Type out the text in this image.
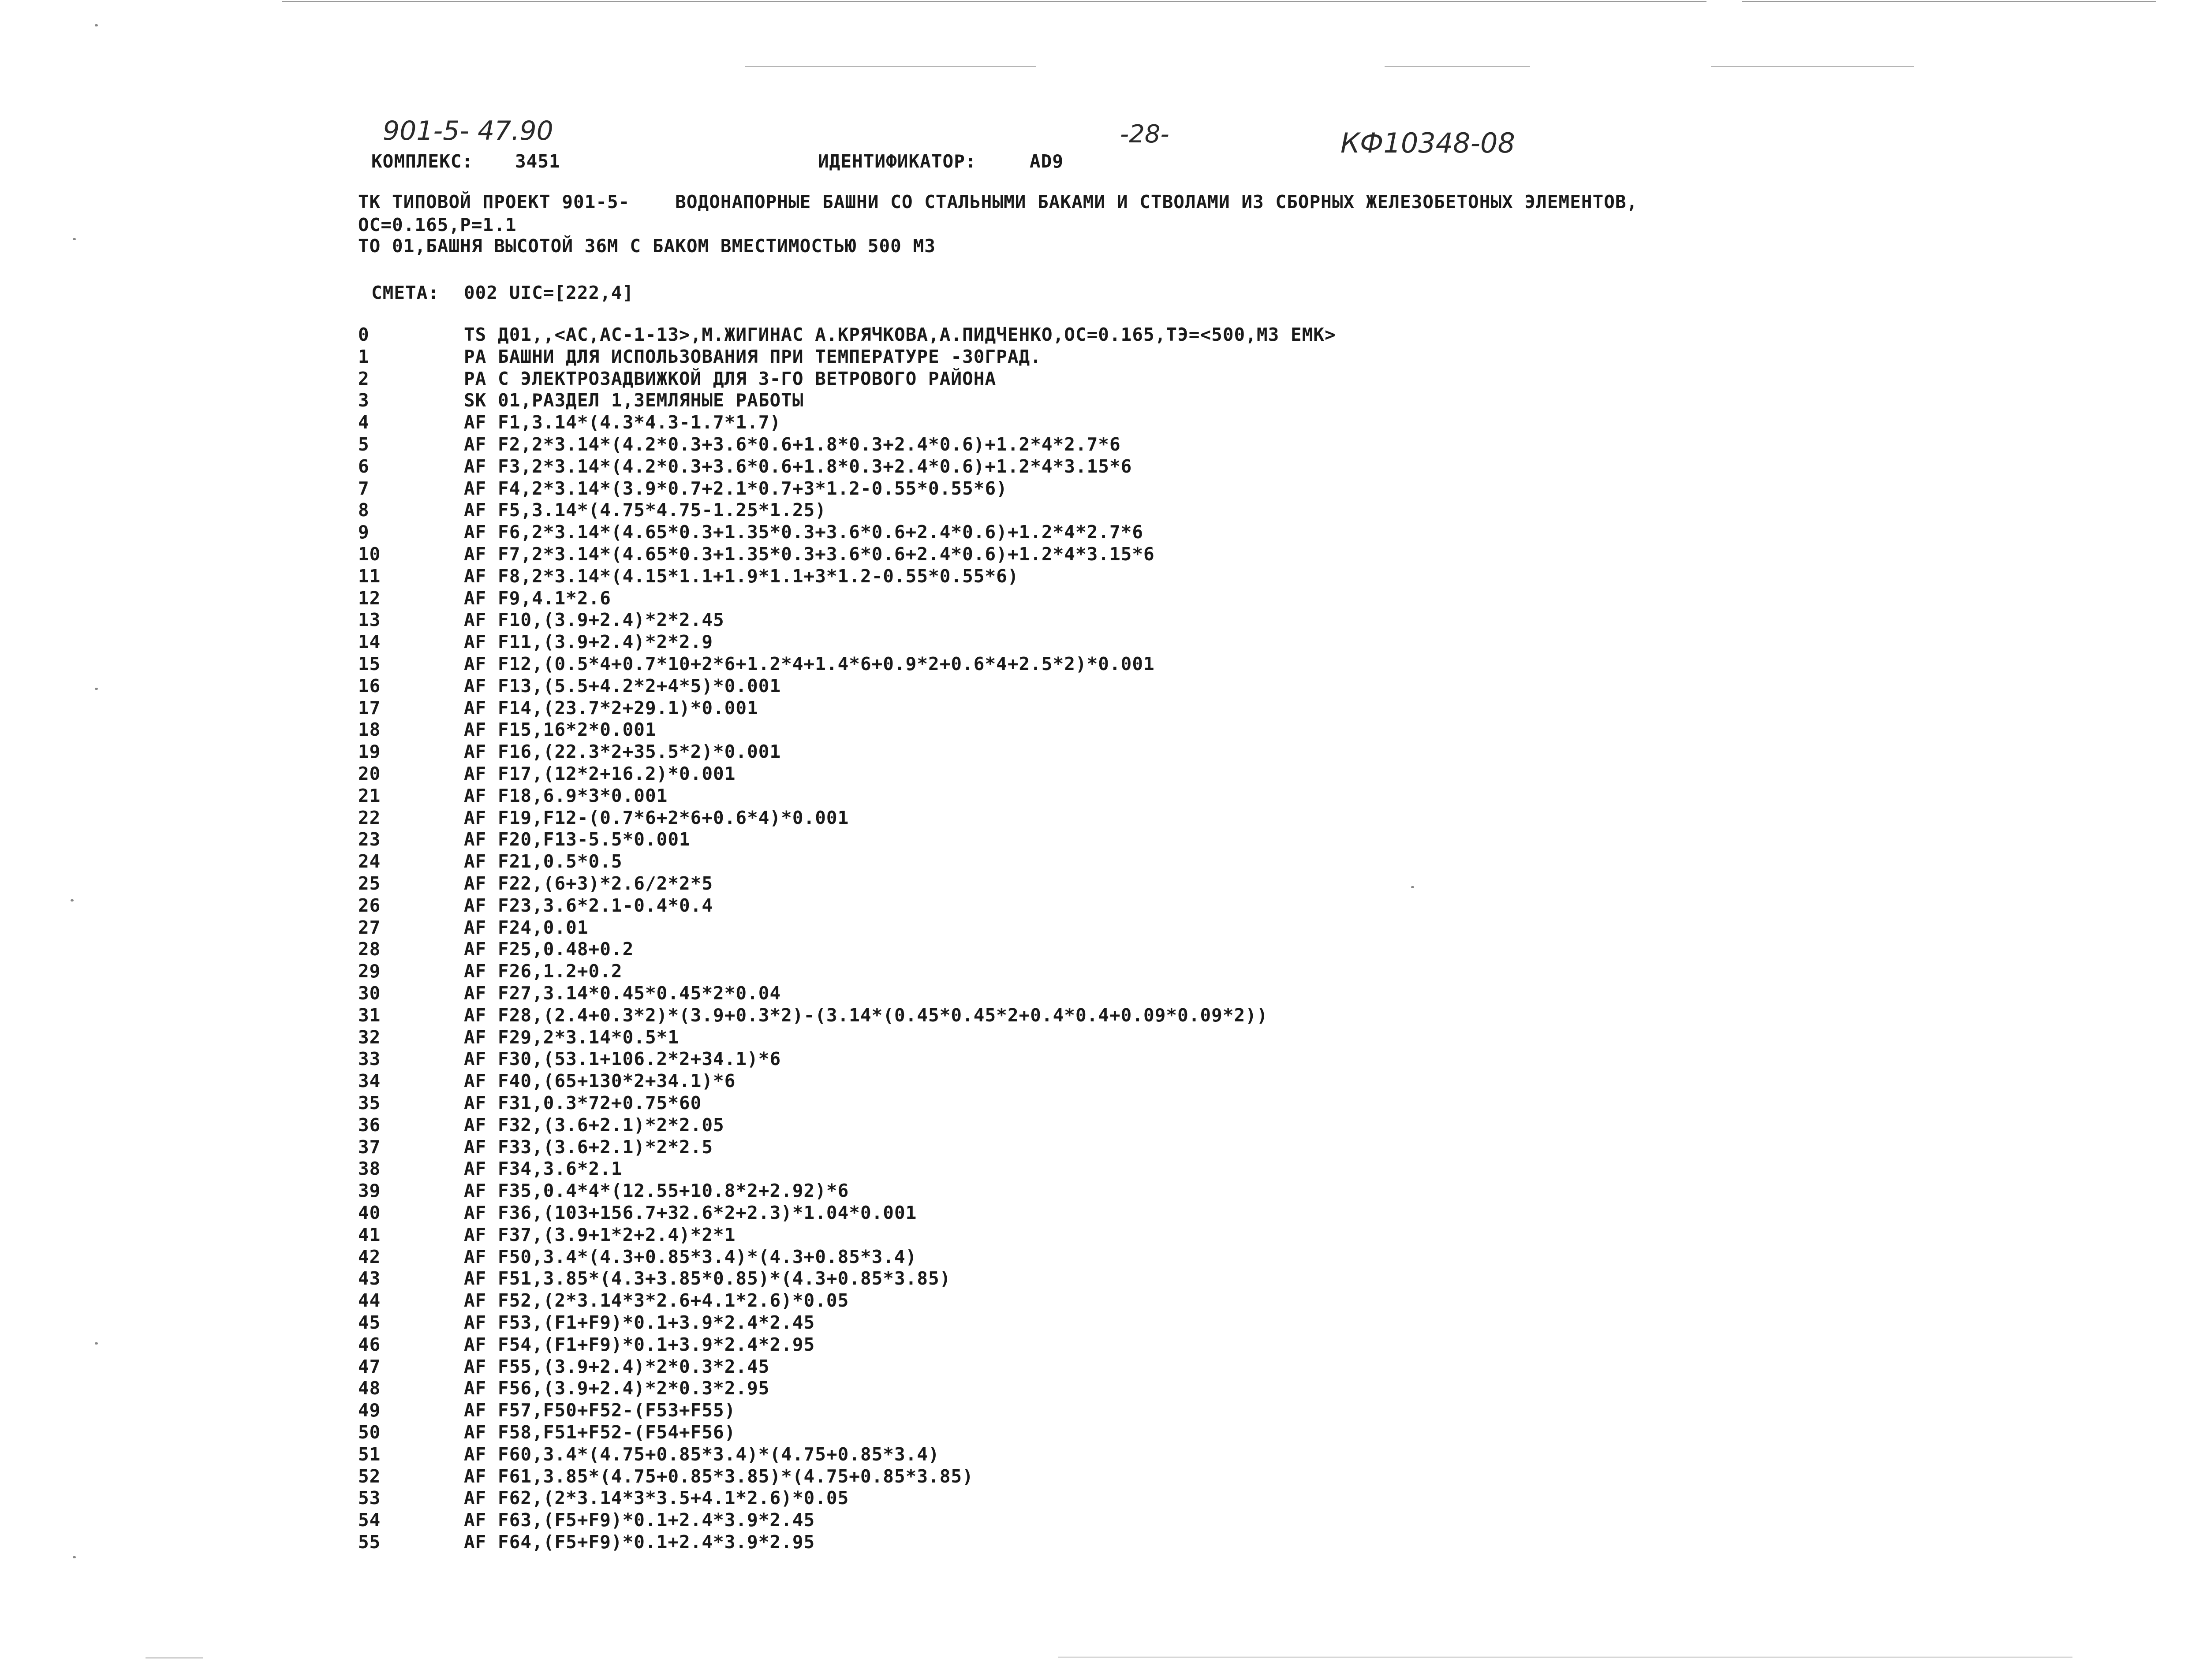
901-5- 47.90	-28-	КФ10348-08
КОМПЛЕКС: 3451	ИДЕНТИФИКАТОР:	AD9
ТК ТИПОВОЙ ПРОЕКТ 901-5-    ВОДОНАПОРНЫЕ БАШНИ СО СТАЛЬНЫМИ БАКАМИ И СТВОЛАМИ ИЗ СБОРНЫХ ЖЕЛЕЗОБЕТОНЫХ ЭЛЕМЕНТОВ,
ОС=0.165,Р=1.1
ТО 01,БАШНЯ ВЫСОТОЙ 36М С БАКОМ ВМЕСТИМОСТЬЮ 500 М3
СМЕТА: 002 UIC=[222,4]
0	TS Д01,,<AC,AC-1-13>,М.ЖИГИНАС А.КРЯЧКОВА,А.ПИДЧЕНКО,ОС=0.165,ТЭ=<500,М3 ЕМК>
1	PA БАШНИ ДЛЯ ИСПОЛЬЗОВАНИЯ ПРИ ТЕМПЕРАТУРЕ -30ГРАД.
2	PA С ЭЛЕКТРОЗАДВИЖКОЙ ДЛЯ 3-ГО ВЕТРОВОГО РАЙОНА
3	SK 01,РАЗДЕЛ 1,ЗЕМЛЯНЫЕ РАБОТЫ
4	AF F1,3.14*(4.3*4.3-1.7*1.7)
5	AF F2,2*3.14*(4.2*0.3+3.6*0.6+1.8*0.3+2.4*0.6)+1.2*4*2.7*6
6	AF F3,2*3.14*(4.2*0.3+3.6*0.6+1.8*0.3+2.4*0.6)+1.2*4*3.15*6
7	AF F4,2*3.14*(3.9*0.7+2.1*0.7+3*1.2-0.55*0.55*6)
8	AF F5,3.14*(4.75*4.75-1.25*1.25)
9	AF F6,2*3.14*(4.65*0.3+1.35*0.3+3.6*0.6+2.4*0.6)+1.2*4*2.7*6
10	AF F7,2*3.14*(4.65*0.3+1.35*0.3+3.6*0.6+2.4*0.6)+1.2*4*3.15*6
11	AF F8,2*3.14*(4.15*1.1+1.9*1.1+3*1.2-0.55*0.55*6)
12	AF F9,4.1*2.6
13	AF F10,(3.9+2.4)*2*2.45
14	AF F11,(3.9+2.4)*2*2.9
15	AF F12,(0.5*4+0.7*10+2*6+1.2*4+1.4*6+0.9*2+0.6*4+2.5*2)*0.001
16	AF F13,(5.5+4.2*2+4*5)*0.001
17	AF F14,(23.7*2+29.1)*0.001
18	AF F15,16*2*0.001
19	AF F16,(22.3*2+35.5*2)*0.001
20	AF F17,(12*2+16.2)*0.001
21	AF F18,6.9*3*0.001
22	AF F19,F12-(0.7*6+2*6+0.6*4)*0.001
23	AF F20,F13-5.5*0.001
24	AF F21,0.5*0.5
25	AF F22,(6+3)*2.6/2*2*5
26	AF F23,3.6*2.1-0.4*0.4
27	AF F24,0.01
28	AF F25,0.48+0.2
29	AF F26,1.2+0.2
30	AF F27,3.14*0.45*0.45*2*0.04
31	AF F28,(2.4+0.3*2)*(3.9+0.3*2)-(3.14*(0.45*0.45*2+0.4*0.4+0.09*0.09*2))
32	AF F29,2*3.14*0.5*1
33	AF F30,(53.1+106.2*2+34.1)*6
34	AF F40,(65+130*2+34.1)*6
35	AF F31,0.3*72+0.75*60
36	AF F32,(3.6+2.1)*2*2.05
37	AF F33,(3.6+2.1)*2*2.5
38	AF F34,3.6*2.1
39	AF F35,0.4*4*(12.55+10.8*2+2.92)*6
40	AF F36,(103+156.7+32.6*2+2.3)*1.04*0.001
41	AF F37,(3.9+1*2+2.4)*2*1
42	AF F50,3.4*(4.3+0.85*3.4)*(4.3+0.85*3.4)
43	AF F51,3.85*(4.3+3.85*0.85)*(4.3+0.85*3.85)
44	AF F52,(2*3.14*3*2.6+4.1*2.6)*0.05
45	AF F53,(F1+F9)*0.1+3.9*2.4*2.45
46	AF F54,(F1+F9)*0.1+3.9*2.4*2.95
47	AF F55,(3.9+2.4)*2*0.3*2.45
48	AF F56,(3.9+2.4)*2*0.3*2.95
49	AF F57,F50+F52-(F53+F55)
50	AF F58,F51+F52-(F54+F56)
51	AF F60,3.4*(4.75+0.85*3.4)*(4.75+0.85*3.4)
52	AF F61,3.85*(4.75+0.85*3.85)*(4.75+0.85*3.85)
53	AF F62,(2*3.14*3*3.5+4.1*2.6)*0.05
54	AF F63,(F5+F9)*0.1+2.4*3.9*2.45
55	AF F64,(F5+F9)*0.1+2.4*3.9*2.95
